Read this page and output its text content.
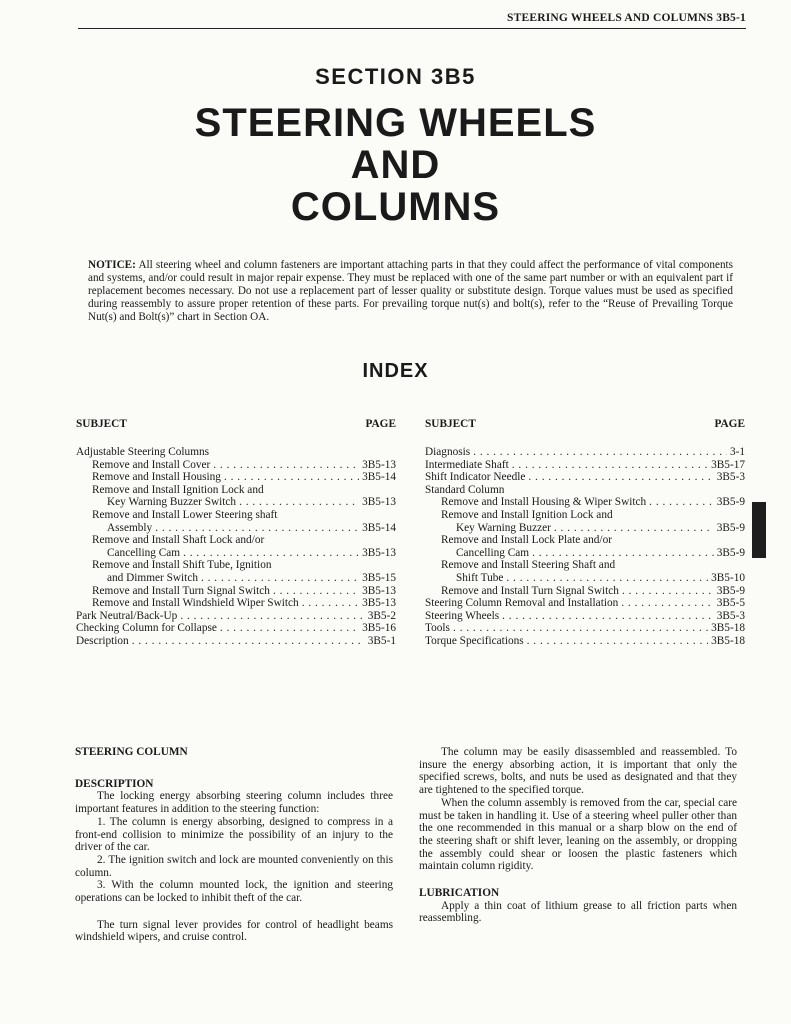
STEERING WHEELS AND COLUMNS 3B5-1
SECTION 3B5
STEERING WHEELS
AND
COLUMNS
NOTICE: All steering wheel and column fasteners are important attaching parts in that they could affect the performance of vital components and systems, and/or could result in major repair expense. They must be replaced with one of the same part number or with an equivalent part if replacement becomes necessary. Do not use a replacement part of lesser quality or substitute design. Torque values must be used as specified during reassembly to assure proper retention of these parts. For prevailing torque nut(s) and bolt(s), refer to the “Reuse of Prevailing Torque Nut(s) and Bolt(s)” chart in Section OA.
INDEX
SUBJECT	PAGE
Adjustable Steering Columns
Remove and Install Cover . . .	3B5-13
Remove and Install Housing . . .	3B5-14
Remove and Install Ignition Lock and
Key Warning Buzzer Switch . . .	3B5-13
Remove and Install Lower Steering shaft
Assembly . . .	3B5-14
Remove and Install Shaft Lock and/or
Cancelling Cam . . .	3B5-13
Remove and Install Shift Tube, Ignition
and Dimmer Switch . . .	3B5-15
Remove and Install Turn Signal Switch . . .	3B5-13
Remove and Install Windshield Wiper Switch . . .	3B5-13
Park Neutral/Back-Up . . .	3B5-2
Checking Column for Collapse . . .	3B5-16
Description . . .	3B5-1
SUBJECT	PAGE
Diagnosis . . .	3-1
Intermediate Shaft . . .	3B5-17
Shift Indicator Needle . . .	3B5-3
Standard Column
Remove and Install Housing & Wiper Switch . . .	3B5-9
Remove and Install Ignition Lock and
Key Warning Buzzer . . .	3B5-9
Remove and Install Lock Plate and/or
Cancelling Cam . . .	3B5-9
Remove and Install Steering Shaft and
Shift Tube . . .	3B5-10
Remove and Install Turn Signal Switch . . .	3B5-9
Steering Column Removal and Installation . . .	3B5-5
Steering Wheels . . .	3B5-3
Tools . . .	3B5-18
Torque Specifications . . .	3B5-18
STEERING COLUMN
DESCRIPTION
The locking energy absorbing steering column includes three important features in addition to the steering function:
1. The column is energy absorbing, designed to compress in a front-end collision to minimize the possibility of an injury to the driver of the car.
2. The ignition switch and lock are mounted conveniently on this column.
3. With the column mounted lock, the ignition and steering operations can be locked to inhibit theft of the car.
The turn signal lever provides for control of headlight beams windshield wipers, and cruise control.
The column may be easily disassembled and reassembled. To insure the energy absorbing action, it is important that only the specified screws, bolts, and nuts be used as designated and that they are tightened to the specified torque.
When the column assembly is removed from the car, special care must be taken in handling it. Use of a steering wheel puller other than the one recommended in this manual or a sharp blow on the end of the steering shaft or shift lever, leaning on the assembly, or dropping the assembly could shear or loosen the plastic fasteners which maintain column rigidity.
LUBRICATION
Apply a thin coat of lithium grease to all friction parts when reassembling.
